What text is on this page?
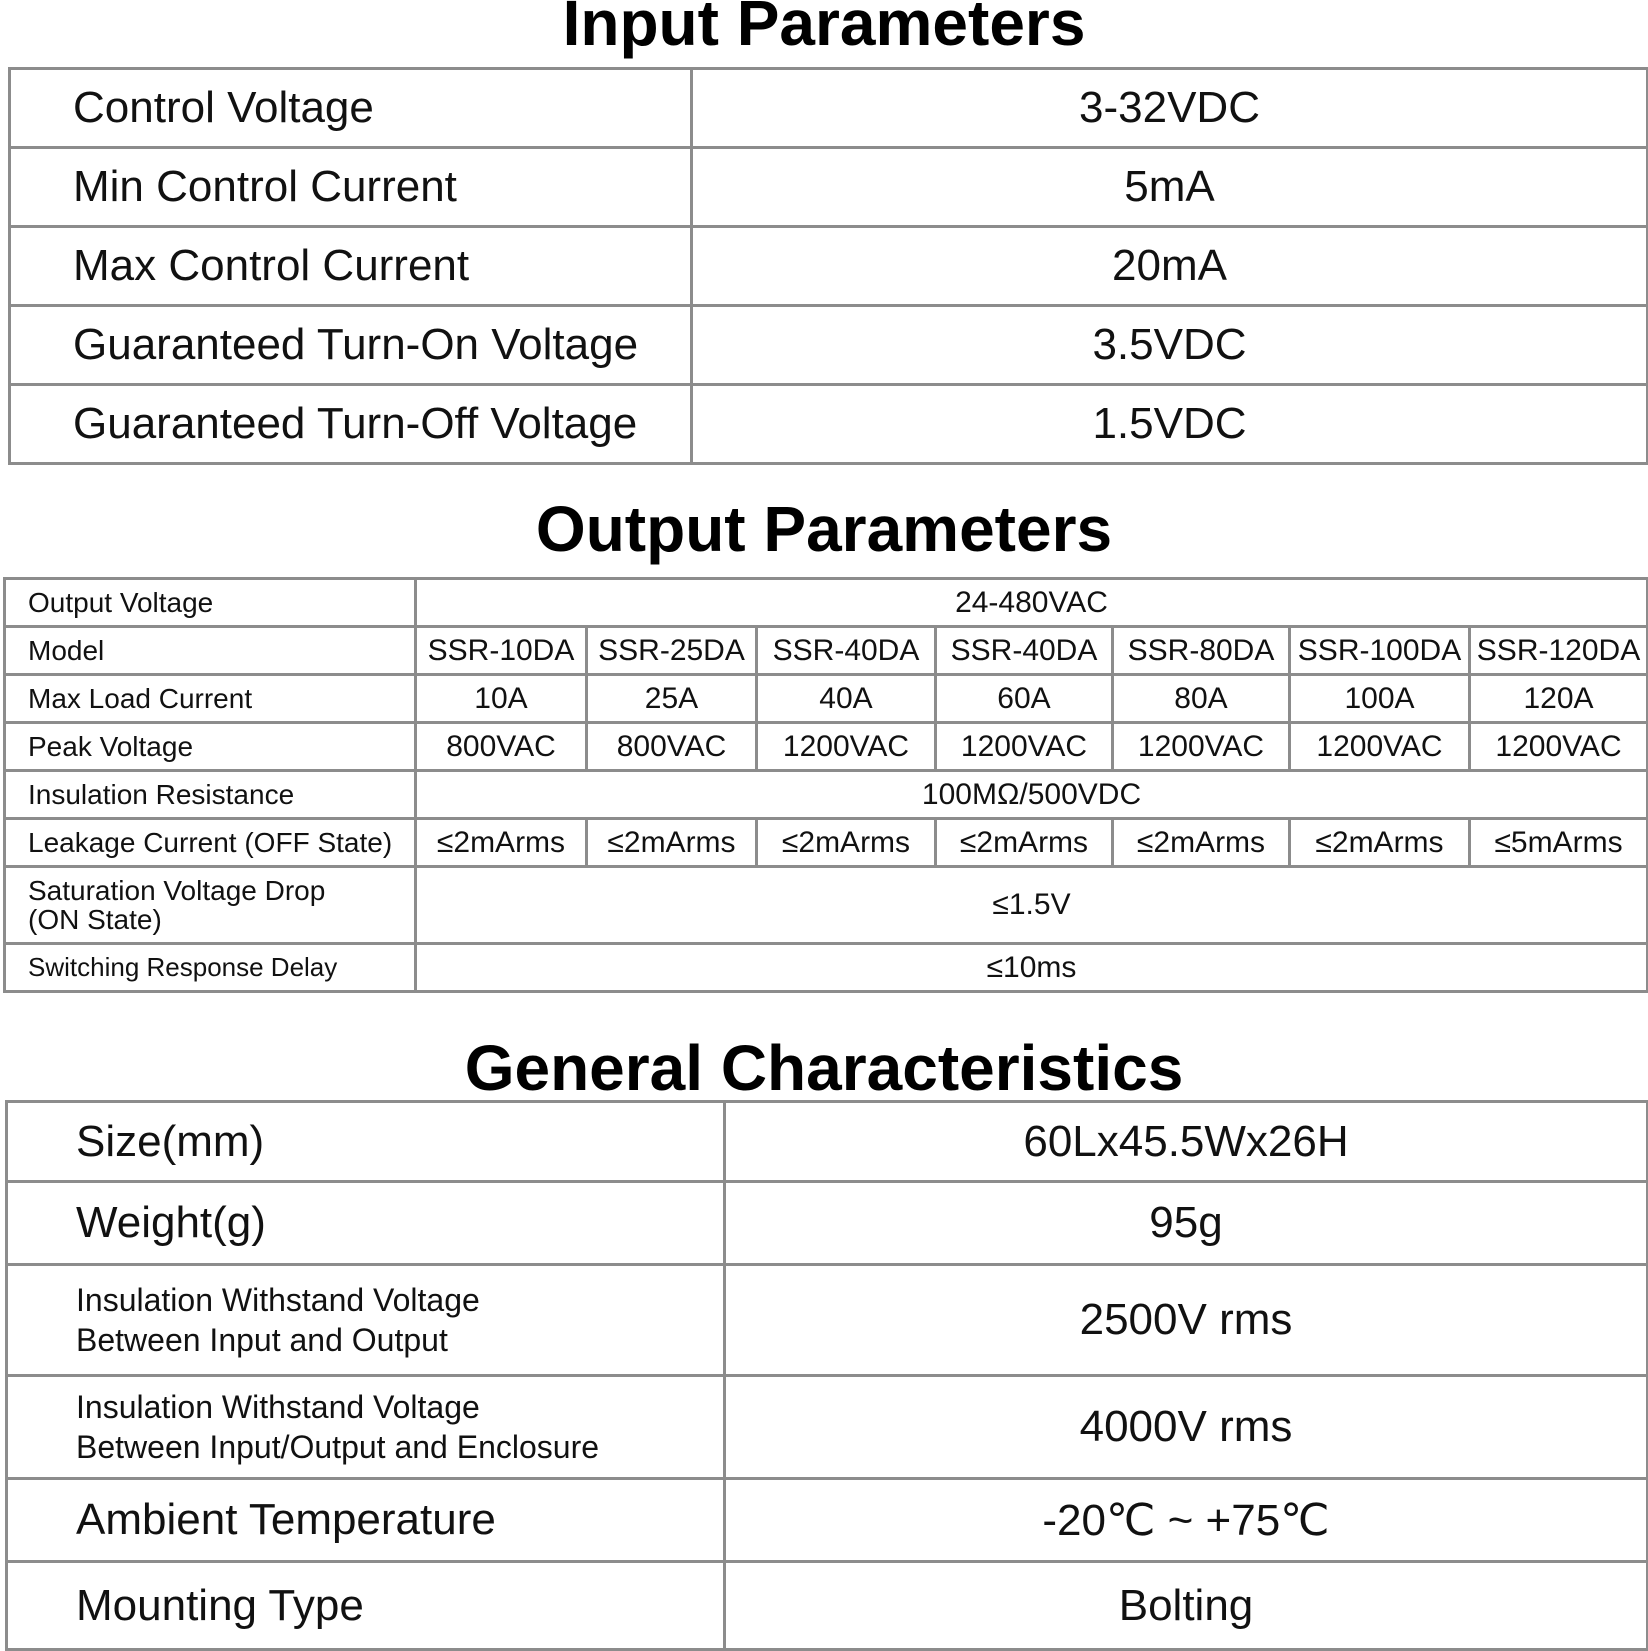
Input Parameters
Control Voltage	3-32VDC
Min Control Current	5mA
Max Control Current	20mA
Guaranteed Turn-On Voltage	3.5VDC
Guaranteed Turn-Off Voltage	1.5VDC
Output Parameters
Output Voltage	24-480VAC						
Model	SSR-10DA	SSR-25DA	SSR-40DA	SSR-40DA	SSR-80DA	SSR-100DA	SSR-120DA
Max Load Current	10A	25A	40A	60A	80A	100A	120A
Peak Voltage	800VAC	800VAC	1200VAC	1200VAC	1200VAC	1200VAC	1200VAC
Insulation Resistance	100MΩ/500VDC						
Leakage Current (OFF State)	≤2mArms	≤2mArms	≤2mArms	≤2mArms	≤2mArms	≤2mArms	≤5mArms

Saturation Voltage Drop
(ON State)	≤1.5V						
Switching Response Delay	≤10ms						
General Characteristics
Size(mm)	60Lx45.5Wx26H
Weight(g)	95g

Insulation Withstand Voltage
Between Input and Output	2500V rms

Insulation Withstand Voltage
Between Input/Output and Enclosure	4000V rms
Ambient Temperature	-20℃ ~ +75℃
Mounting Type	Bolting
